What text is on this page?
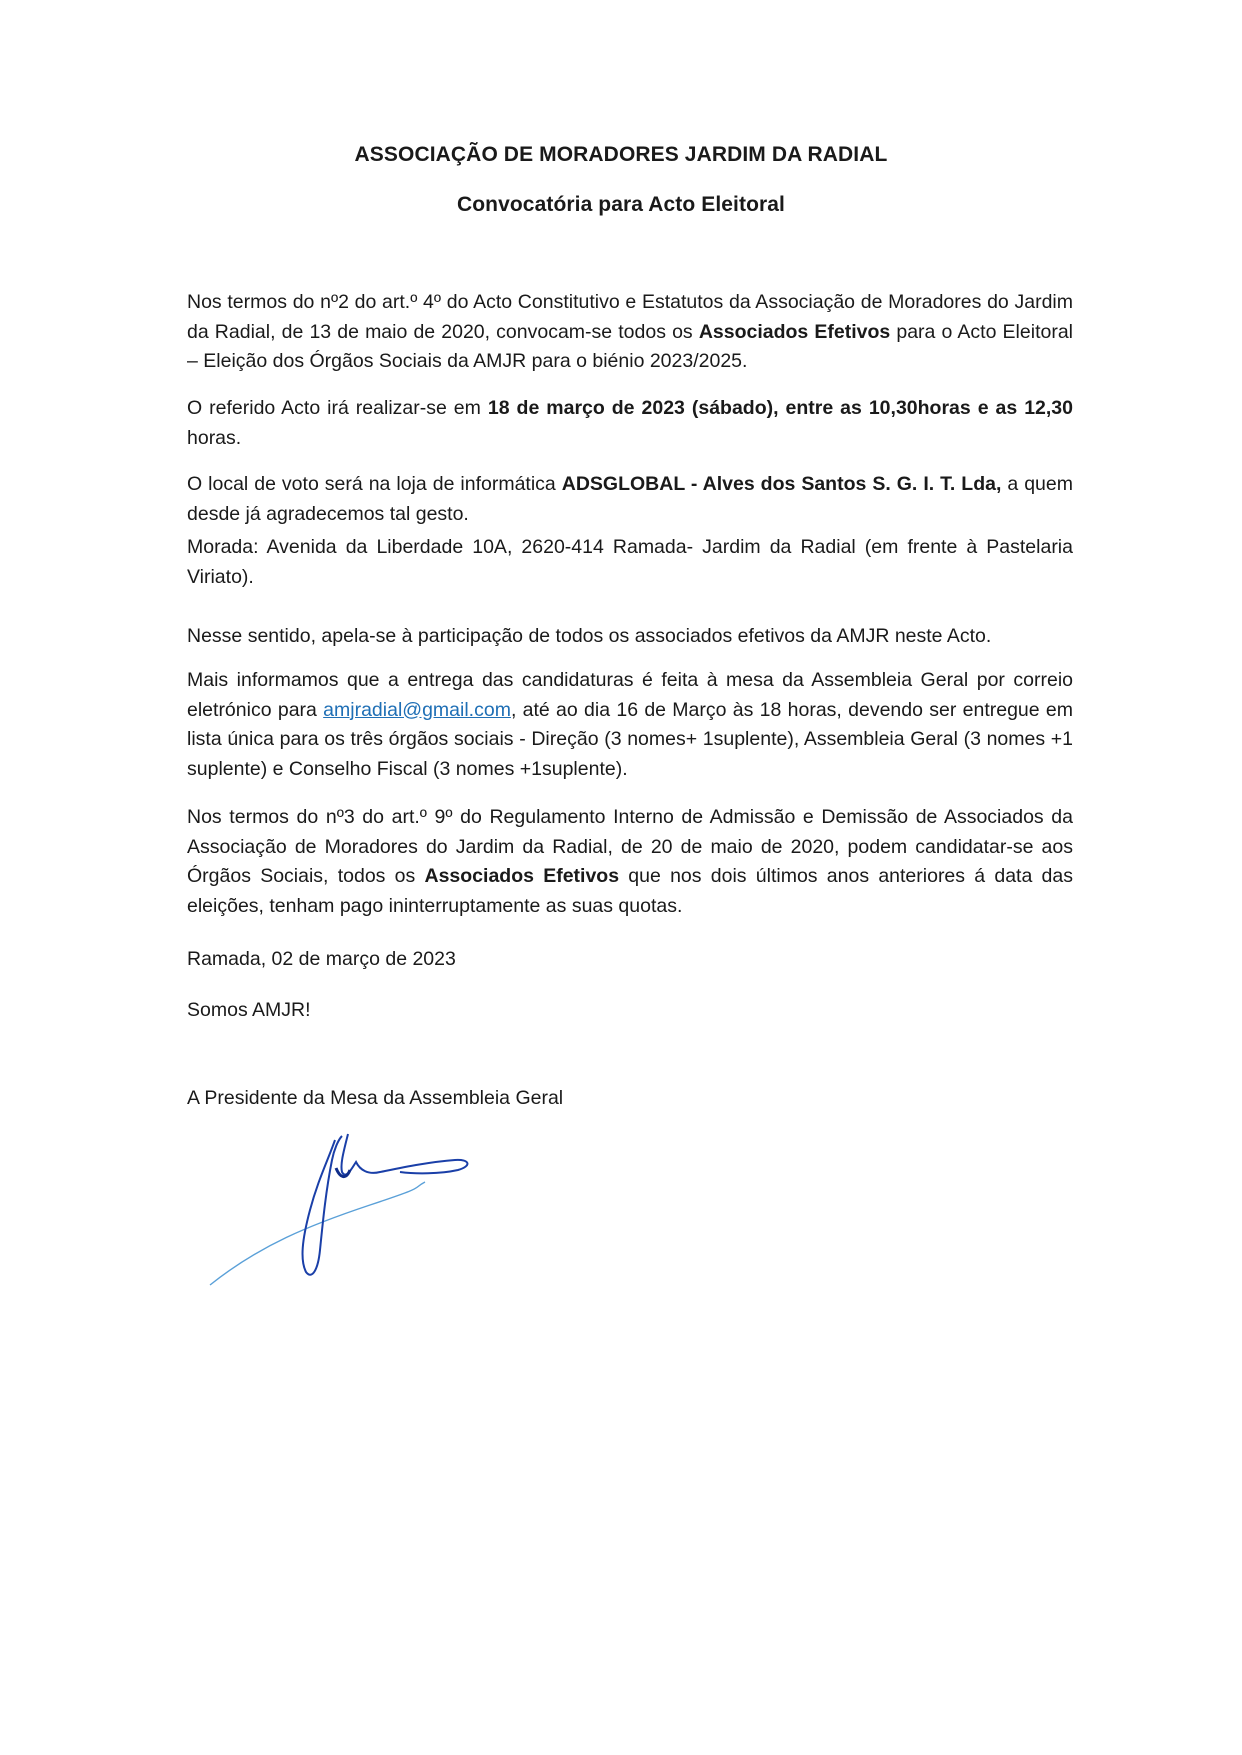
ASSOCIAÇÃO DE MORADORES JARDIM DA RADIAL
Convocatória para Acto Eleitoral

Nos termos do nº2 do art.º 4º do Acto Constitutivo e Estatutos da Associação de Moradores do Jardim da Radial, de 13 de maio de 2020, convocam-se todos os Associados Efetivos para o Acto Eleitoral – Eleição dos Órgãos Sociais da AMJR para o biénio 2023/2025.

O referido Acto irá realizar-se em 18 de março de 2023 (sábado), entre as 10,30horas e as 12,30 horas.

O local de voto será na loja de informática ADSGLOBAL - Alves dos Santos S. G. I. T. Lda, a quem desde já agradecemos tal gesto.

Morada: Avenida da Liberdade 10A, 2620-414 Ramada- Jardim da Radial (em frente à Pastelaria Viriato).

Nesse sentido, apela-se à participação de todos os associados efetivos da AMJR neste Acto.

Mais informamos que a entrega das candidaturas é feita à mesa da Assembleia Geral por correio eletrónico para amjradial@gmail.com, até ao dia 16 de Março às 18 horas, devendo ser entregue em lista única para os três órgãos sociais - Direção (3 nomes+ 1suplente), Assembleia Geral (3 nomes +1 suplente) e Conselho Fiscal (3 nomes +1suplente).

Nos termos do nº3 do art.º 9º do Regulamento Interno de Admissão e Demissão de Associados da Associação de Moradores do Jardim da Radial, de 20 de maio de 2020, podem candidatar-se aos Órgãos Sociais, todos os Associados Efetivos que nos dois últimos anos anteriores á data das eleições, tenham pago ininterruptamente as suas quotas.

Ramada, 02 de março de 2023
Somos AMJR!
A Presidente da Mesa da Assembleia Geral
